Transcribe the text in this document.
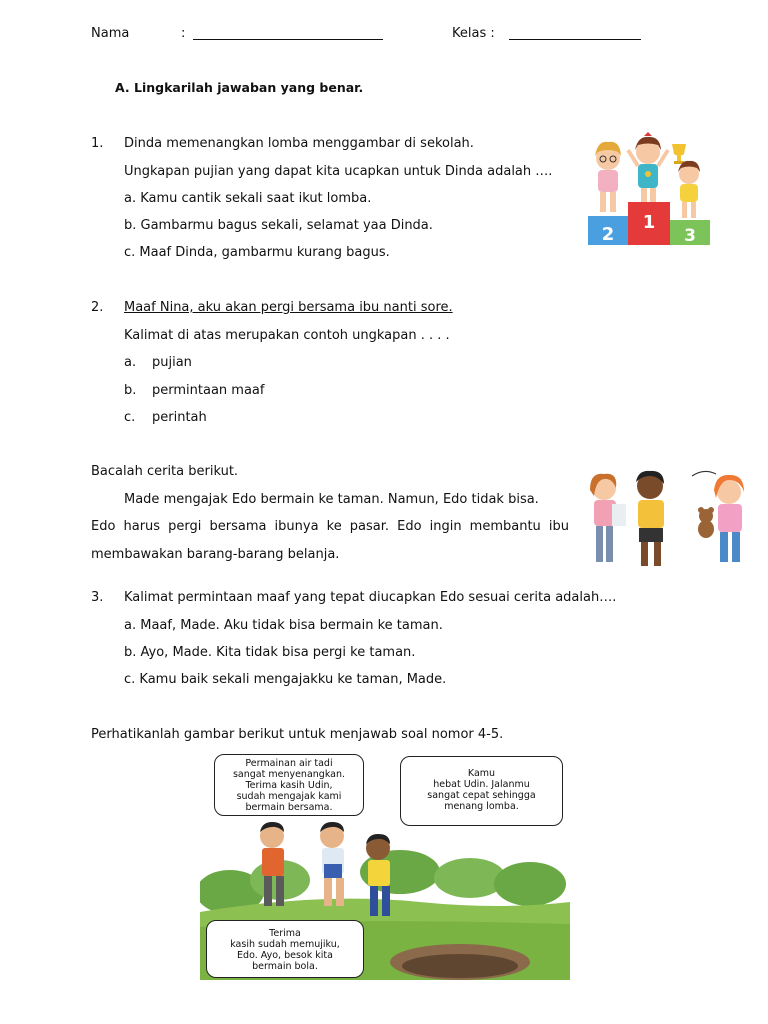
Nama	:	Kelas :
A. Lingkarilah jawaban yang benar.
1. Dinda memenangkan lomba menggambar di sekolah.
Ungkapan pujian yang dapat kita ucapkan untuk Dinda adalah ….
a. Kamu cantik sekali saat ikut lomba.
b. Gambarmu bagus sekali, selamat yaa Dinda.
c. Maaf Dinda, gambarmu kurang bagus.
2
1
3
2. Maaf Nina, aku akan pergi bersama ibu nanti sore.
Kalimat di atas merupakan contoh ungkapan . . . .
a. pujian
b. permintaan maaf
c. perintah
Bacalah cerita berikut.
Made mengajak Edo bermain ke taman. Namun, Edo tidak bisa.
Edo harus pergi bersama ibunya ke pasar. Edo ingin membantu ibu
membawakan barang-barang belanja.
3. Kalimat permintaan maaf yang tepat diucapkan Edo sesuai cerita adalah….
a. Maaf, Made. Aku tidak bisa bermain ke taman.
b. Ayo, Made. Kita tidak bisa pergi ke taman.
c. Kamu baik sekali mengajakku ke taman, Made.
Perhatikanlah gambar berikut untuk menjawab soal nomor 4-5.
Permainan air tadi
sangat menyenangkan.
Terima kasih Udin,
sudah mengajak kami
bermain bersama.
Kamu
hebat Udin. Jalanmu
sangat cepat sehingga
menang lomba.
Terima
kasih sudah memujiku,
Edo. Ayo, besok kita
bermain bola.
